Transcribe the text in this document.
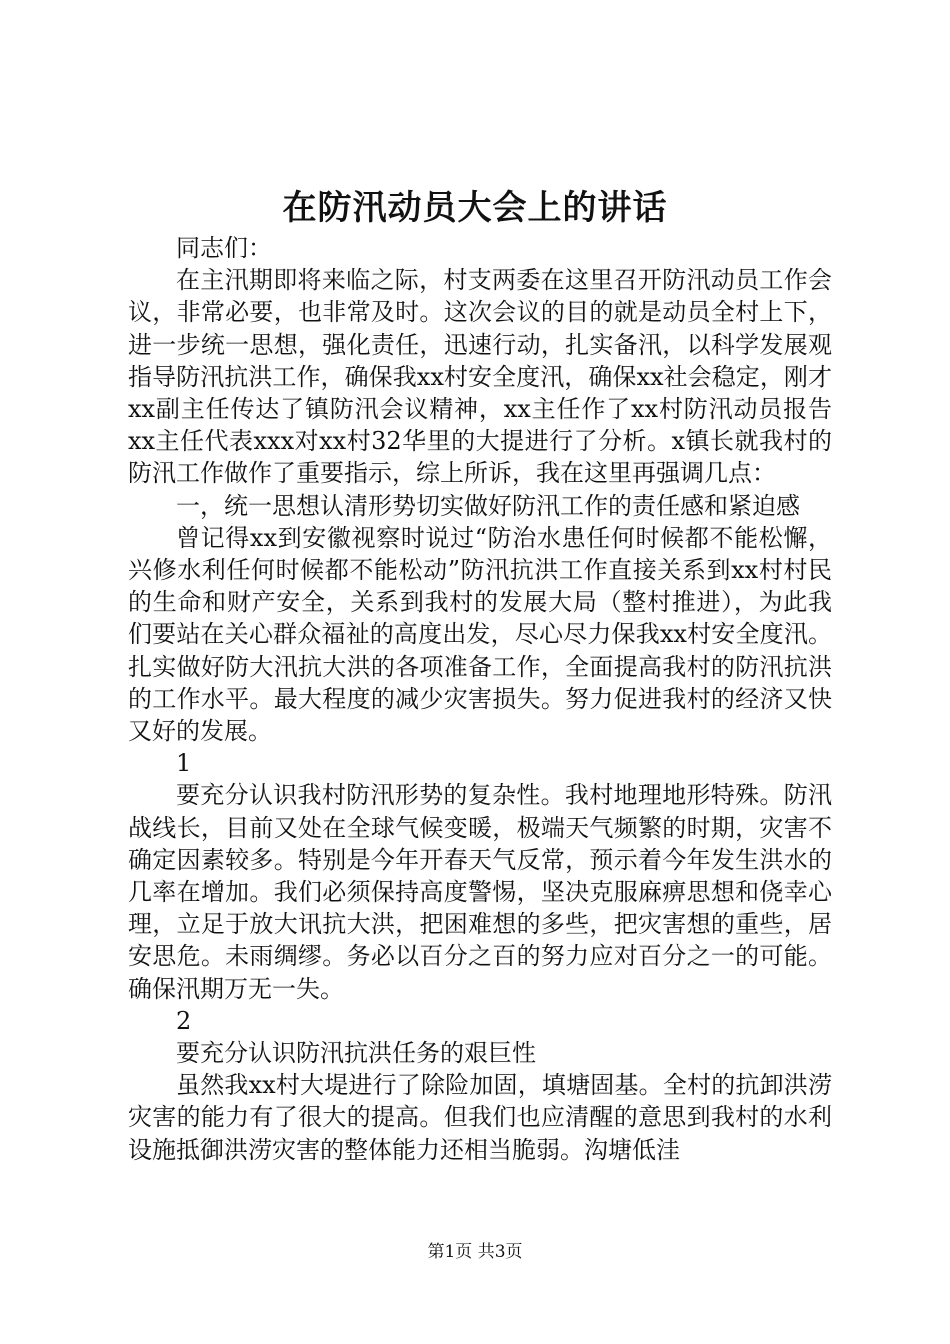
在防汛动员大会上的讲话

同志们：

在主汛期即将来临之际，村支两委在这里召开防汛动员工作会议，非常必要，也非常及时。这次会议的目的就是动员全村上下，进一步统一思想，强化责任，迅速行动，扎实备汛，以科学发展观指导防汛抗洪工作，确保我xx村安全度汛，确保xx社会稳定，刚才xx副主任传达了镇防汛会议精神，xx主任作了xx村防汛动员报告xx主任代表xxx对xx村32华里的大提进行了分析。x镇长就我村的防汛工作做作了重要指示，综上所诉，我在这里再强调几点：

一，统一思想认清形势切实做好防汛工作的责任感和紧迫感

曾记得xx到安徽视察时说过“防治水患任何时候都不能松懈，兴修水利任何时候都不能松动”防汛抗洪工作直接关系到xx村村民的生命和财产安全，关系到我村的发展大局（整村推进），为此我们要站在关心群众福祉的高度出发，尽心尽力保我xx村安全度汛。扎实做好防大汛抗大洪的各项准备工作，全面提高我村的防汛抗洪的工作水平。最大程度的减少灾害损失。努力促进我村的经济又快又好的发展。

1

要充分认识我村防汛形势的复杂性。我村地理地形特殊。防汛战线长，目前又处在全球气候变暖，极端天气频繁的时期，灾害不确定因素较多。特别是今年开春天气反常，预示着今年发生洪水的几率在增加。我们必须保持高度警惕，坚决克服麻痹思想和侥幸心理，立足于放大讯抗大洪，把困难想的多些，把灾害想的重些，居安思危。未雨绸缪。务必以百分之百的努力应对百分之一的可能。确保汛期万无一失。

2

要充分认识防汛抗洪任务的艰巨性

虽然我xx村大堤进行了除险加固，填塘固基。全村的抗卸洪涝灾害的能力有了很大的提高。但我们也应清醒的意思到我村的水利设施抵御洪涝灾害的整体能力还相当脆弱。沟塘低洼

第1页 共3页
